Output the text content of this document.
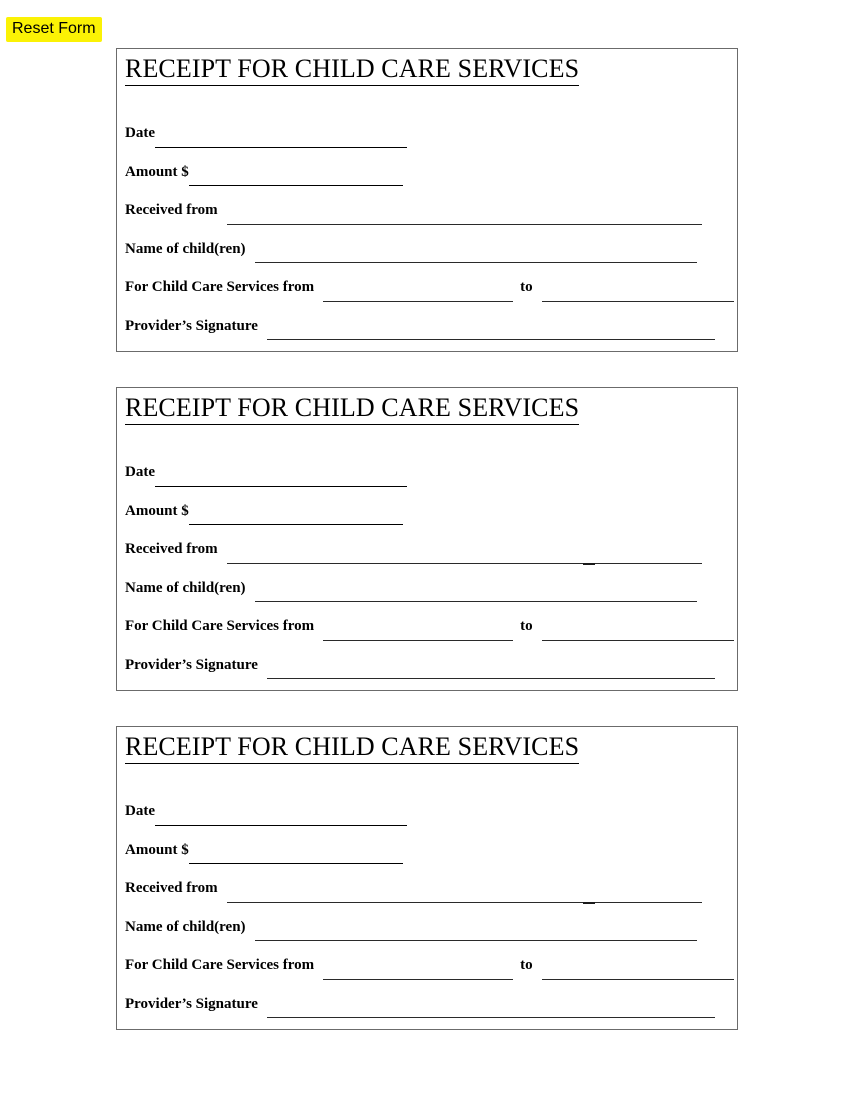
Reset Form
RECEIPT FOR CHILD CARE SERVICES
Date
Amount $
Received from
Name of child(ren)
For Child Care Services from	to
Provider’s Signature
RECEIPT FOR CHILD CARE SERVICES
Date
Amount $
Received from
Name of child(ren)
For Child Care Services from	to
Provider’s Signature
RECEIPT FOR CHILD CARE SERVICES
Date
Amount $
Received from
Name of child(ren)
For Child Care Services from	to
Provider’s Signature
